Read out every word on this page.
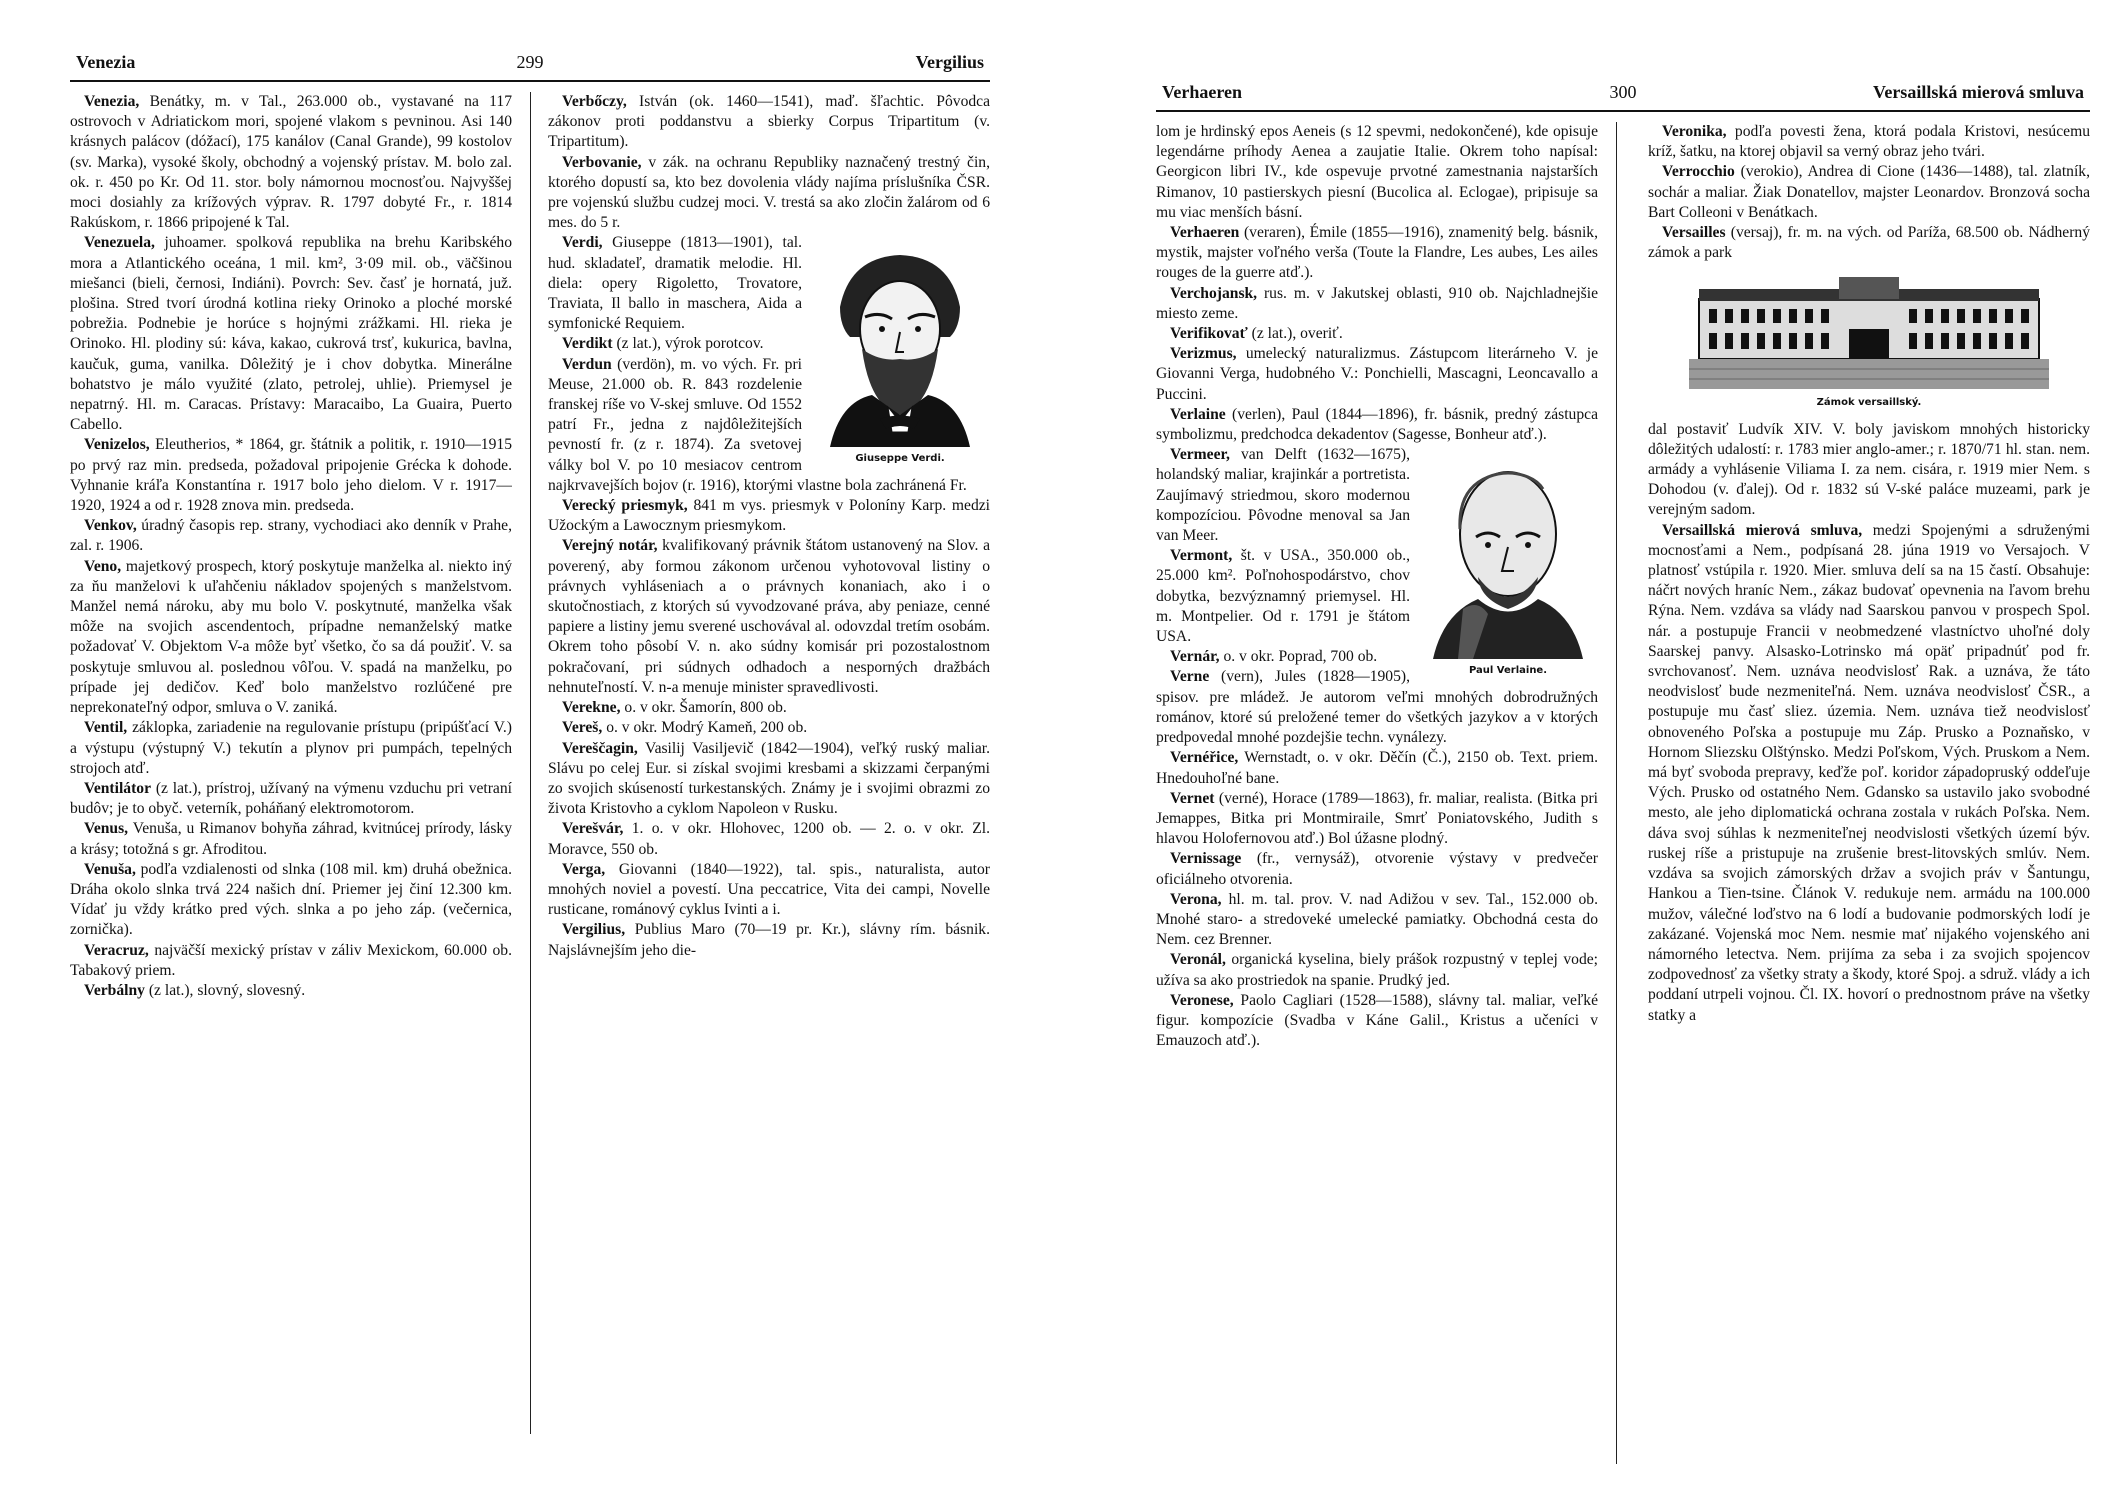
Venezia	299	Vergilius

Venezia, Benátky, m. v Tal., 263.000 ob., vystavané na 117 ostrovoch v Adriatickom mori, spojené vlakom s pevninou. Asi 140 krásnych palácov (dóžací), 175 kanálov (Canal Grande), 99 kostolov (sv. Marka), vysoké školy, obchodný a vojenský prístav. M. bolo zal. ok. r. 450 po Kr. Od 11. stor. boly námornou mocnosťou. Najvyššej moci dosiahly za krížových výprav. R. 1797 dobyté Fr., r. 1814 Rakúskom, r. 1866 pripojené k Tal.

Venezuela, juhoamer. spolková republika na brehu Karibského mora a Atlantického oceána, 1 mil. km², 3·09 mil. ob., väčšinou miešanci (bieli, černosi, Indiáni). Povrch: Sev. časť je hornatá, juž. plošina. Stred tvorí úrodná kotlina rieky Orinoko a ploché morské pobrežia. Podnebie je horúce s hojnými zrážkami. Hl. rieka je Orinoko. Hl. plodiny sú: káva, kakao, cukrová trsť, kukurica, bavlna, kaučuk, guma, vanilka. Dôležitý je i chov dobytka. Minerálne bohatstvo je málo využité (zlato, petrolej, uhlie). Priemysel je nepatrný. Hl. m. Caracas. Prístavy: Maracaibo, La Guaira, Puerto Cabello.

Venizelos, Eleutherios, * 1864, gr. štátnik a politik, r. 1910—1915 po prvý raz min. predseda, požadoval pripojenie Grécka k dohode. Vyhnanie kráľa Konstantína r. 1917 bolo jeho dielom. V r. 1917—1920, 1924 a od r. 1928 znova min. predseda.

Venkov, úradný časopis rep. strany, vychodiaci ako denník v Prahe, zal. r. 1906.

Veno, majetkový prospech, ktorý poskytuje manželka al. niekto iný za ňu manželovi k uľahčeniu nákladov spojených s manželstvom. Manžel nemá nároku, aby mu bolo V. poskytnuté, manželka však môže na svojich ascendentoch, prípadne nemanželský matke požadovať V. Objektom V-a môže byť všetko, čo sa dá použiť. V. sa poskytuje smluvou al. poslednou vôľou. V. spadá na manželku, po prípade jej dedičov. Keď bolo manželstvo rozlúčené pre neprekonateľný odpor, smluva o V. zaniká.

Ventil, záklopka, zariadenie na regulovanie prístupu (pripúšťací V.) a výstupu (výstupný V.) tekutín a plynov pri pumpách, tepelných strojoch atď.

Ventilátor (z lat.), prístroj, užívaný na výmenu vzduchu pri vetraní budôv; je to obyč. veterník, poháňaný elektromotorom.

Venus, Venuša, u Rimanov bohyňa záhrad, kvitnúcej prírody, lásky a krásy; totožná s gr. Afroditou.

Venuša, podľa vzdialenosti od slnka (108 mil. km) druhá obežnica. Dráha okolo slnka trvá 224 našich dní. Priemer jej činí 12.300 km. Vídať ju vždy krátko pred vých. slnka a po jeho záp. (večernica, zornička).

Veracruz, najväčší mexický prístav v záliv Mexickom, 60.000 ob. Tabakový priem.

Verbálny (z lat.), slovný, slovesný.

Verbőczy, István (ok. 1460—1541), maď. šľachtic. Pôvodca zákonov proti poddanstvu a sbierky Corpus Tripartitum (v. Tripartitum).

Verbovanie, v zák. na ochranu Republiky naznačený trestný čin, ktorého dopustí sa, kto bez dovolenia vlády najíma príslušníka ČSR. pre vojenskú službu cudzej moci. V. trestá sa ako zločin žalárom od 6 mes. do 5 r.

Giuseppe Verdi.

Verdi, Giuseppe (1813—1901), tal. hud. skladateľ, dramatik melodie. Hl. diela: opery Rigoletto, Trovatore, Traviata, Il ballo in maschera, Aida a symfonické Requiem.

Verdikt (z lat.), výrok porotcov.

Verdun (verdön), m. vo vých. Fr. pri Meuse, 21.000 ob. R. 843 rozdelenie franskej ríše vo V-skej smluve. Od 1552 patrí Fr., jedna z najdôležitejších pevností fr. (z r. 1874). Za svetovej války bol V. po 10 mesiacov centrom najkrvavejších bojov (r. 1916), ktorými vlastne bola zachránená Fr.

Verecký priesmyk, 841 m vys. priesmyk v Poloníny Karp. medzi Užockým a Lawocznym priesmykom.

Verejný notár, kvalifikovaný právnik štátom ustanovený na Slov. a poverený, aby formou zákonom určenou vyhotovoval listiny o právnych vyhláseniach a o právnych konaniach, ako i o skutočnostiach, z ktorých sú vyvodzované práva, aby peniaze, cenné papiere a listiny jemu sverené uschovával al. odovzdal tretím osobám. Okrem toho pôsobí V. n. ako súdny komisár pri pozostalostnom pokračovaní, pri súdnych odhadoch a nesporných dražbách nehnuteľností. V. n-a menuje minister spravedlivosti.

Verekne, o. v okr. Šamorín, 800 ob.

Vereš, o. v okr. Modrý Kameň, 200 ob.

Vereščagin, Vasilij Vasiljevič (1842—1904), veľký ruský maliar. Slávu po celej Eur. si získal svojimi kresbami a skizzami čerpanými zo svojich skúseností turkestanských. Známy je i svojimi obrazmi zo života Kristovho a cyklom Napoleon v Rusku.

Verešvár, 1. o. v okr. Hlohovec, 1200 ob. — 2. o. v okr. Zl. Moravce, 550 ob.

Verga, Giovanni (1840—1922), tal. spis., naturalista, autor mnohých noviel a povestí. Una peccatrice, Vita dei campi, Novelle rusticane, románový cyklus Ivinti a i.

Vergilius, Publius Maro (70—19 pr. Kr.), slávny rím. básnik. Najslávnejším jeho die-

Verhaeren	300	Versaillská mierová smluva

lom je hrdinský epos Aeneis (s 12 spevmi, nedokončené), kde opisuje legendárne príhody Aenea a zaujatie Italie. Okrem toho napísal: Georgicon libri IV., kde ospevuje prvotné zamestnania najstarších Rimanov, 10 pastierskych piesní (Bucolica al. Eclogae), pripisuje sa mu viac menších básní.

Verhaeren (veraren), Émile (1855—1916), znamenitý belg. básnik, mystik, majster voľného verša (Toute la Flandre, Les aubes, Les ailes rouges de la guerre atď.).

Verchojansk, rus. m. v Jakutskej oblasti, 910 ob. Najchladnejšie miesto zeme.

Verifikovať (z lat.), overiť.

Verizmus, umelecký naturalizmus. Zástupcom literárneho V. je Giovanni Verga, hudobného V.: Ponchielli, Mascagni, Leoncavallo a Puccini.

Verlaine (verlen), Paul (1844—1896), fr. básnik, predný zástupca symbolizmu, predchodca dekadentov (Sagesse, Bonheur atď.).

Paul Verlaine.

Vermeer, van Delft (1632—1675), holandský maliar, krajinkár a portretista. Zaujímavý striedmou, skoro modernou kompozíciou. Pôvodne menoval sa Jan van Meer.

Vermont, št. v USA., 350.000 ob., 25.000 km². Poľnohospodárstvo, chov dobytka, bezvýznamný priemysel. Hl. m. Montpelier. Od r. 1791 je štátom USA.

Vernár, o. v okr. Poprad, 700 ob.

Verne (vern), Jules (1828—1905), spisov. pre mládež. Je autorom veľmi mnohých dobrodružných románov, ktoré sú preložené temer do všetkých jazykov a v ktorých predpovedal mnohé pozdejšie techn. vynálezy.

Vernéřice, Wernstadt, o. v okr. Děčín (Č.), 2150 ob. Text. priem. Hnedouhoľné bane.

Vernet (verné), Horace (1789—1863), fr. maliar, realista. (Bitka pri Jemappes, Bitka pri Montmiraile, Smrť Poniatovského, Judith s hlavou Holofernovou atď.) Bol úžasne plodný.

Vernissage (fr., vernysáž), otvorenie výstavy v predvečer oficiálneho otvorenia.

Verona, hl. m. tal. prov. V. nad Adižou v sev. Tal., 152.000 ob. Mnohé staro- a stredoveké umelecké pamiatky. Obchodná cesta do Nem. cez Brenner.

Veronál, organická kyselina, biely prášok rozpustný v teplej vode; užíva sa ako prostriedok na spanie. Prudký jed.

Veronese, Paolo Cagliari (1528—1588), slávny tal. maliar, veľké figur. kompozície (Svadba v Káne Galil., Kristus a učeníci v Emauzoch atď.).

Veronika, podľa povesti žena, ktorá podala Kristovi, nesúcemu kríž, šatku, na ktorej objavil sa verný obraz jeho tvári.

Verrocchio (verokio), Andrea di Cione (1436—1488), tal. zlatník, sochár a maliar. Žiak Donatellov, majster Leonardov. Bronzová socha Bart Colleoni v Benátkach.

Versailles (versaj), fr. m. na vých. od Paríža, 68.500 ob. Nádherný zámok a park

Zámok versaillský.

dal postaviť Ludvík XIV. V. boly javiskom mnohých historicky dôležitých udalostí: r. 1783 mier anglo-amer.; r. 1870/71 hl. stan. nem. armády a vyhlásenie Viliama I. za nem. cisára, r. 1919 mier Nem. s Dohodou (v. ďalej). Od r. 1832 sú V-ské paláce muzeami, park je verejným sadom.

Versaillská mierová smluva, medzi Spojenými a sdruženými mocnosťami a Nem., podpísaná 28. júna 1919 vo Versajoch. V platnosť vstúpila r. 1920. Mier. smluva delí sa na 15 častí. Obsahuje: náčrt nových hraníc Nem., zákaz budovať opevnenia na ľavom brehu Rýna. Nem. vzdáva sa vlády nad Saarskou panvou v prospech Spol. nár. a postupuje Francii v neobmedzené vlastníctvo uhoľné doly Saarskej panvy. Alsasko-Lotrinsko má opäť pripadnúť pod fr. svrchovanosť. Nem. uznáva neodvislosť Rak. a uznáva, že táto neodvislosť bude nezmeniteľná. Nem. uznáva neodvislosť ČSR., a postupuje mu časť sliez. územia. Nem. uznáva tiež neodvislosť obnoveného Poľska a postupuje mu Záp. Prusko a Poznaňsko, v Hornom Sliezsku Olštýnsko. Medzi Poľskom, Vých. Pruskom a Nem. má byť svoboda prepravy, keďže poľ. koridor západopruský oddeľuje Vých. Prusko od ostatného Nem. Gdansko sa ustavilo jako svobodné mesto, ale jeho diplomatická ochrana zostala v rukách Poľska. Nem. dáva svoj súhlas k nezmeniteľnej neodvislosti všetkých území býv. ruskej ríše a pristupuje na zrušenie brest-litovských smlúv. Nem. vzdáva sa svojich zámorských držav a svojich práv v Šantungu, Hankou a Tien-tsine. Článok V. redukuje nem. armádu na 100.000 mužov, válečné loďstvo na 6 lodí a budovanie podmorských lodí je zakázané. Vojenská moc Nem. nesmie mať nijakého vojenského ani námorného letectva. Nem. prijíma za seba i za svojich spojencov zodpovednosť za všetky straty a škody, ktoré Spoj. a sdruž. vlády a ich poddaní utrpeli vojnou. Čl. IX. hovorí o prednostnom práve na všetky statky a
